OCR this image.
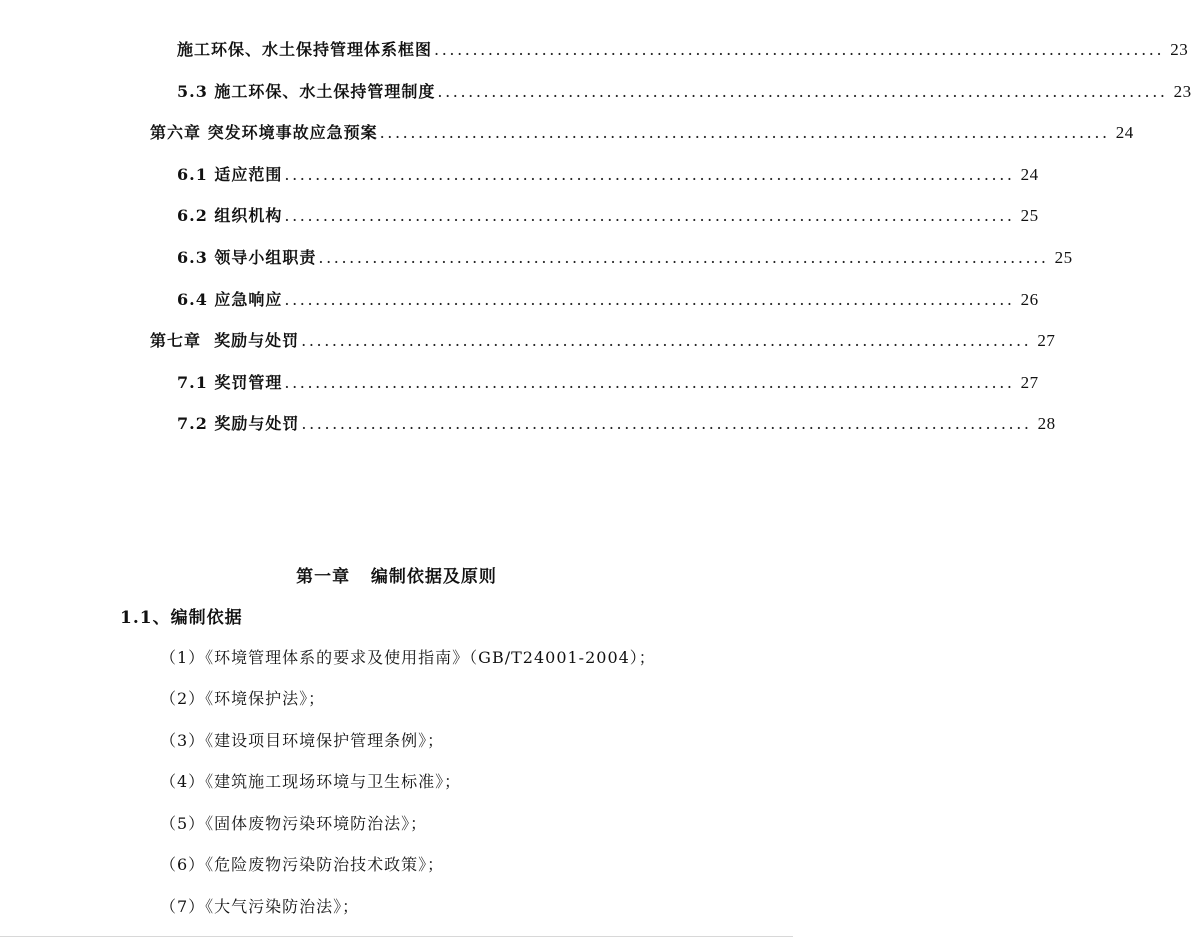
施工环保、水土保持管理体系框图 ............................................................................................... 23
5.3 施工环保、水土保持管理制度 ............................................................................................... 23
第六章 突发环境事故应急预案 ............................................................................................... 24
6.1 适应范围 ............................................................................................... 24
6.2 组织机构 ............................................................................................... 25
6.3 领导小组职责 ............................................................................................... 25
6.4 应急响应 ............................................................................................... 26
第七章  奖励与处罚 ............................................................................................... 27
7.1 奖罚管理 ............................................................................................... 27
7.2 奖励与处罚 ............................................................................................... 28
第一章   编制依据及原则
1.1、编制依据
（1）《环境管理体系的要求及使用指南》（GB/T24001-2004）；
（2）《环境保护法》；
（3）《建设项目环境保护管理条例》；
（4）《建筑施工现场环境与卫生标准》；
（5）《固体废物污染环境防治法》；
（6）《危险废物污染防治技术政策》；
（7）《大气污染防治法》；
